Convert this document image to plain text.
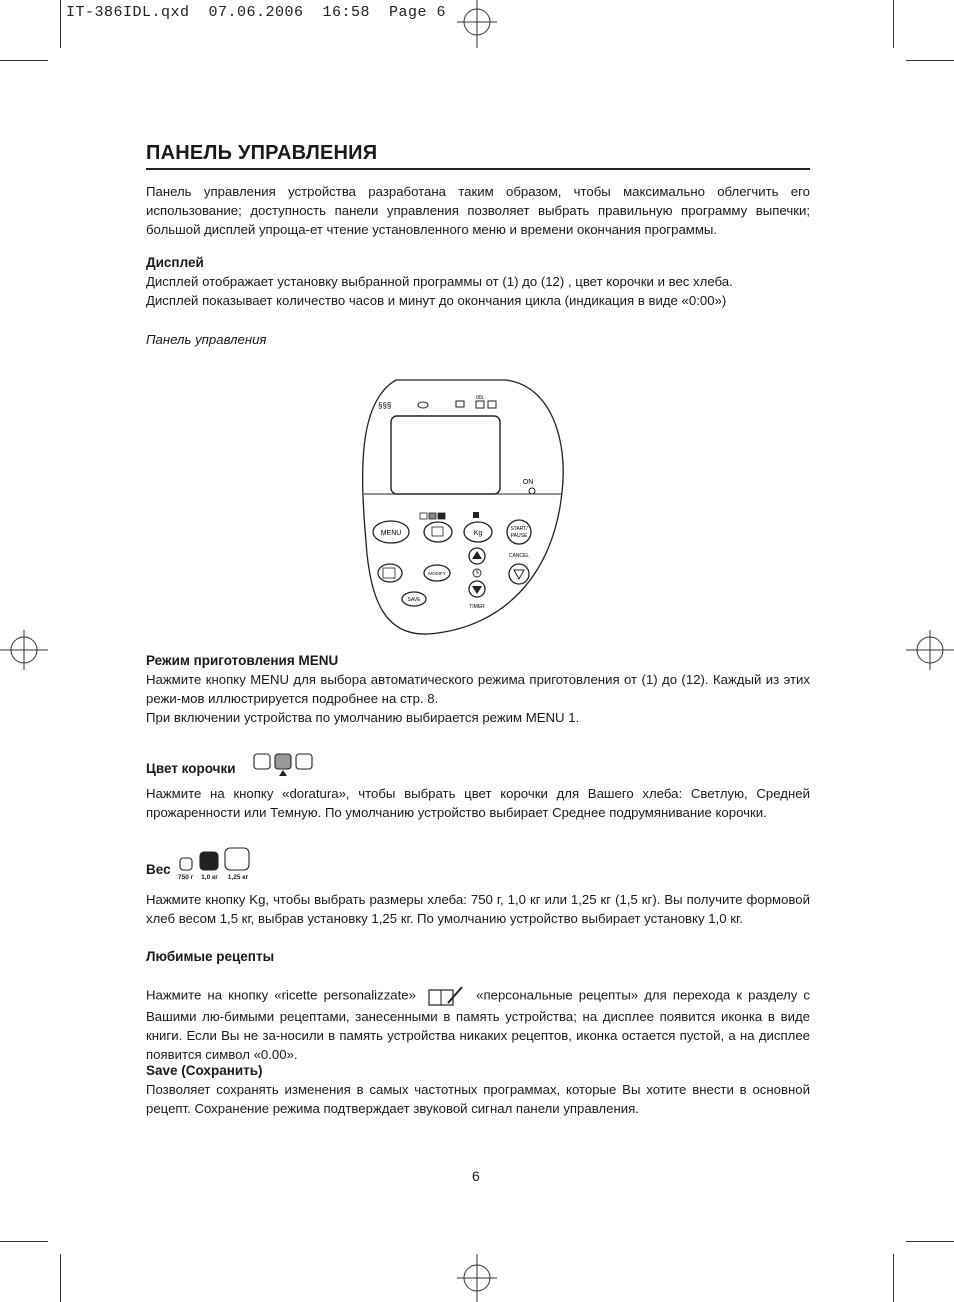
IT-386IDL.qxd  07.06.2006  16:58  Page 6
ПАНЕЛЬ УПРАВЛЕНИЯ

Панель управления устройства разработана таким образом, чтобы максимально облегчить его использование; доступность панели управления позволяет выбрать правильную программу выпечки; большой дисплей упроща-ет чтение установленного меню и времени окончания программы.

Дисплей

Дисплей отображает установку выбранной программы от (1) до (12) , цвет корочки и вес хлеба.

Дисплей показывает количество часов и минут до окончания цикла (индикация в виде «0:00»)

Панель управления

§§§
00L
ON
MENU	Kg
START/
PAUSE
CANCEL
TIMER
MODIFY
SAVE

Режим приготовления MENU

Нажмите кнопку MENU для выбора автоматического режима приготовления от (1) до (12). Каждый из этих режи-мов иллюстрируется подробнее на стр. 8.

При включении устройства по умолчанию выбирается режим MENU 1.

Цвет корочки

Нажмите на кнопку «doratura», чтобы выбрать цвет корочки для Вашего хлеба: Светлую, Средней прожаренности или Темную. По умолчанию устройство выбирает Среднее подрумянивание корочки.

Вес

750 г 1,0 кг 1,25 кг

Нажмите кнопку Kg, чтобы выбрать размеры хлеба: 750 г, 1,0 кг или 1,25 кг (1,5 кг). Вы получите формовой хлеб весом 1,5 кг, выбрав установку 1,25 кг. По умолчанию устройство выбирает установку 1,0 кг.

Любимые рецепты

Нажмите на кнопку «ricette personalizzate»	«персональные рецепты» для перехода к разделу с Вашими лю-бимыми рецептами, занесенными в память устройства; на дисплее появится иконка в виде книги. Если Вы не за-носили в память устройства никаких рецептов, иконка остается пустой, а на дисплее появится символ «0.00».

Save (Сохранить)

Позволяет сохранять изменения в самых частотных программах, которые Вы хотите внести в основной рецепт. Сохранение режима подтверждает звуковой сигнал панели управления.

6
